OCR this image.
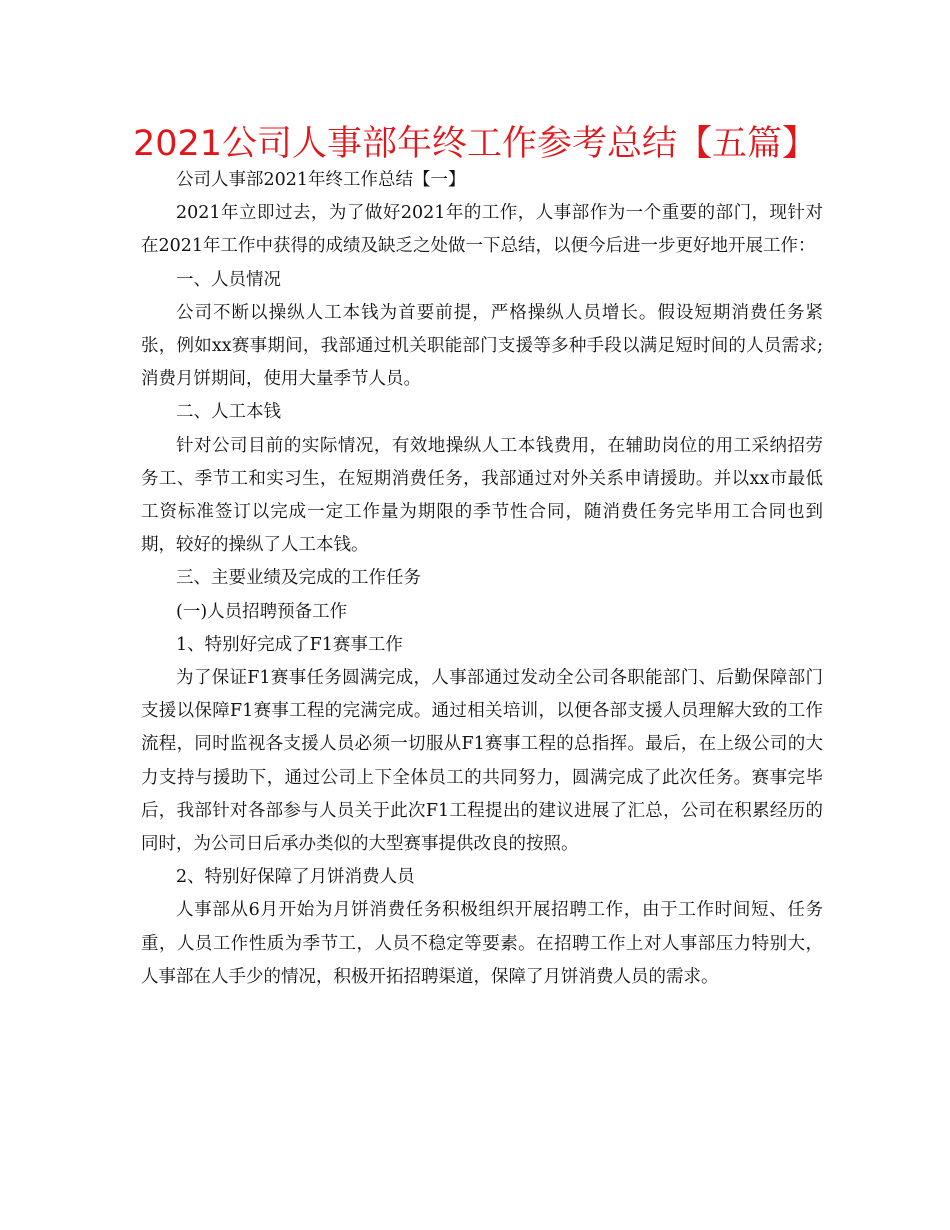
2021公司人事部年终工作参考总结【五篇】

公司人事部2021年终工作总结【一】

2021年立即过去，为了做好2021年的工作，人事部作为一个重要的部门，现针对在2021年工作中获得的成绩及缺乏之处做一下总结，以便今后进一步更好地开展工作：

一、人员情况

公司不断以操纵人工本钱为首要前提，严格操纵人员增长。假设短期消费任务紧张，例如xx赛事期间，我部通过机关职能部门支援等多种手段以满足短时间的人员需求;消费月饼期间，使用大量季节人员。

二、人工本钱

针对公司目前的实际情况，有效地操纵人工本钱费用，在辅助岗位的用工采纳招劳务工、季节工和实习生，在短期消费任务，我部通过对外关系申请援助。并以xx市最低工资标准签订以完成一定工作量为期限的季节性合同，随消费任务完毕用工合同也到期，较好的操纵了人工本钱。

三、主要业绩及完成的工作任务

(一)人员招聘预备工作

1、特别好完成了F1赛事工作

为了保证F1赛事任务圆满完成，人事部通过发动全公司各职能部门、后勤保障部门支援以保障F1赛事工程的完满完成。通过相关培训，以便各部支援人员理解大致的工作流程，同时监视各支援人员必须一切服从F1赛事工程的总指挥。最后，在上级公司的大力支持与援助下，通过公司上下全体员工的共同努力，圆满完成了此次任务。赛事完毕后，我部针对各部参与人员关于此次F1工程提出的建议进展了汇总，公司在积累经历的同时，为公司日后承办类似的大型赛事提供改良的按照。

2、特别好保障了月饼消费人员

人事部从6月开始为月饼消费任务积极组织开展招聘工作，由于工作时间短、任务重，人员工作性质为季节工，人员不稳定等要素。在招聘工作上对人事部压力特别大，人事部在人手少的情况，积极开拓招聘渠道，保障了月饼消费人员的需求。
